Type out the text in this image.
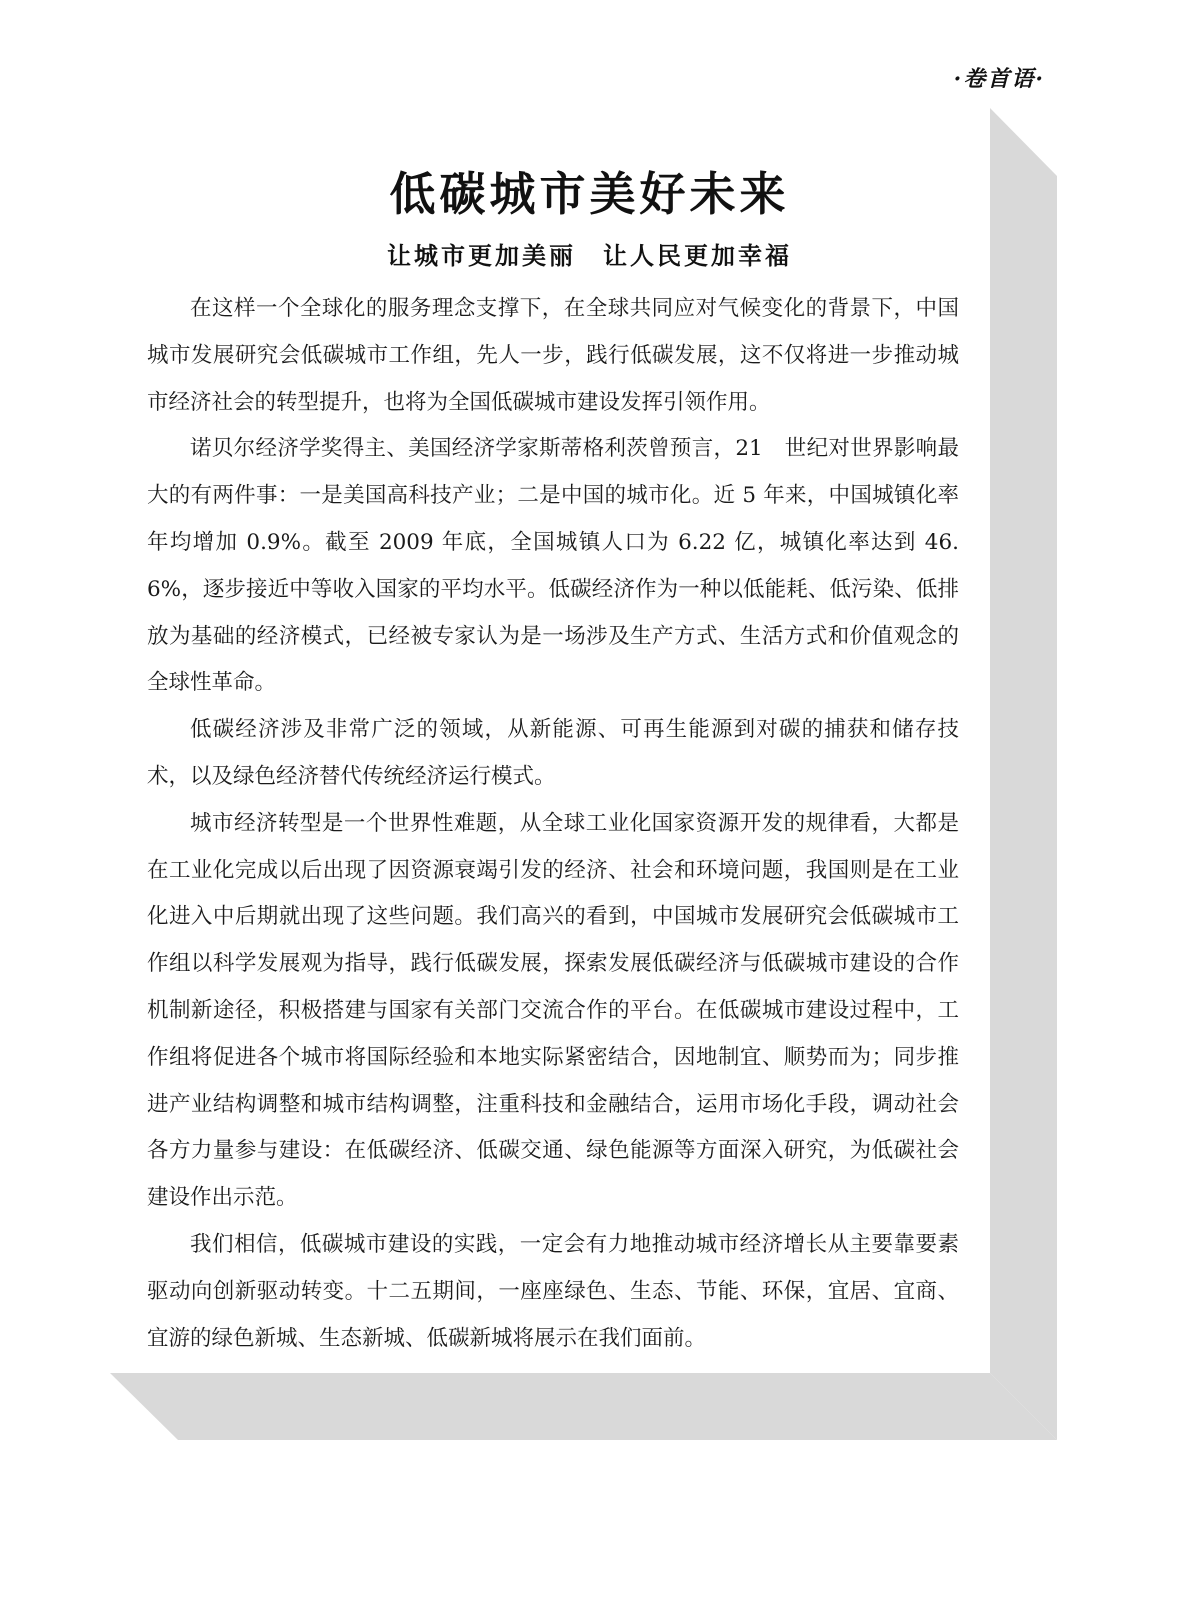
·卷首语·
低碳城市美好未来
让城市更加美丽　让人民更加幸福

在这样一个全球化的服务理念支撑下，在全球共同应对气候变化的背景下，中国城市发展研究会低碳城市工作组，先人一步，践行低碳发展，这不仅将进一步推动城市经济社会的转型提升，也将为全国低碳城市建设发挥引领作用。

诺贝尔经济学奖得主、美国经济学家斯蒂格利茨曾预言，21　世纪对世界影响最大的有两件事：一是美国高科技产业；二是中国的城市化。近 5 年来，中国城镇化率年均增加 0.9%。截至 2009 年底，全国城镇人口为 6.22 亿，城镇化率达到 46.　6%，逐步接近中等收入国家的平均水平。低碳经济作为一种以低能耗、低污染、低排放为基础的经济模式，已经被专家认为是一场涉及生产方式、生活方式和价值观念的全球性革命。

低碳经济涉及非常广泛的领域，从新能源、可再生能源到对碳的捕获和储存技术，以及绿色经济替代传统经济运行模式。

城市经济转型是一个世界性难题，从全球工业化国家资源开发的规律看，大都是在工业化完成以后出现了因资源衰竭引发的经济、社会和环境问题，我国则是在工业化进入中后期就出现了这些问题。我们高兴的看到，中国城市发展研究会低碳城市工作组以科学发展观为指导，践行低碳发展，探索发展低碳经济与低碳城市建设的合作机制新途径，积极搭建与国家有关部门交流合作的平台。在低碳城市建设过程中，工作组将促进各个城市将国际经验和本地实际紧密结合，因地制宜、顺势而为；同步推进产业结构调整和城市结构调整，注重科技和金融结合，运用市场化手段，调动社会各方力量参与建设：在低碳经济、低碳交通、绿色能源等方面深入研究，为低碳社会建设作出示范。

我们相信，低碳城市建设的实践，一定会有力地推动城市经济增长从主要靠要素驱动向创新驱动转变。十二五期间，一座座绿色、生态、节能、环保，宜居、宜商、宜游的绿色新城、生态新城、低碳新城将展示在我们面前。
